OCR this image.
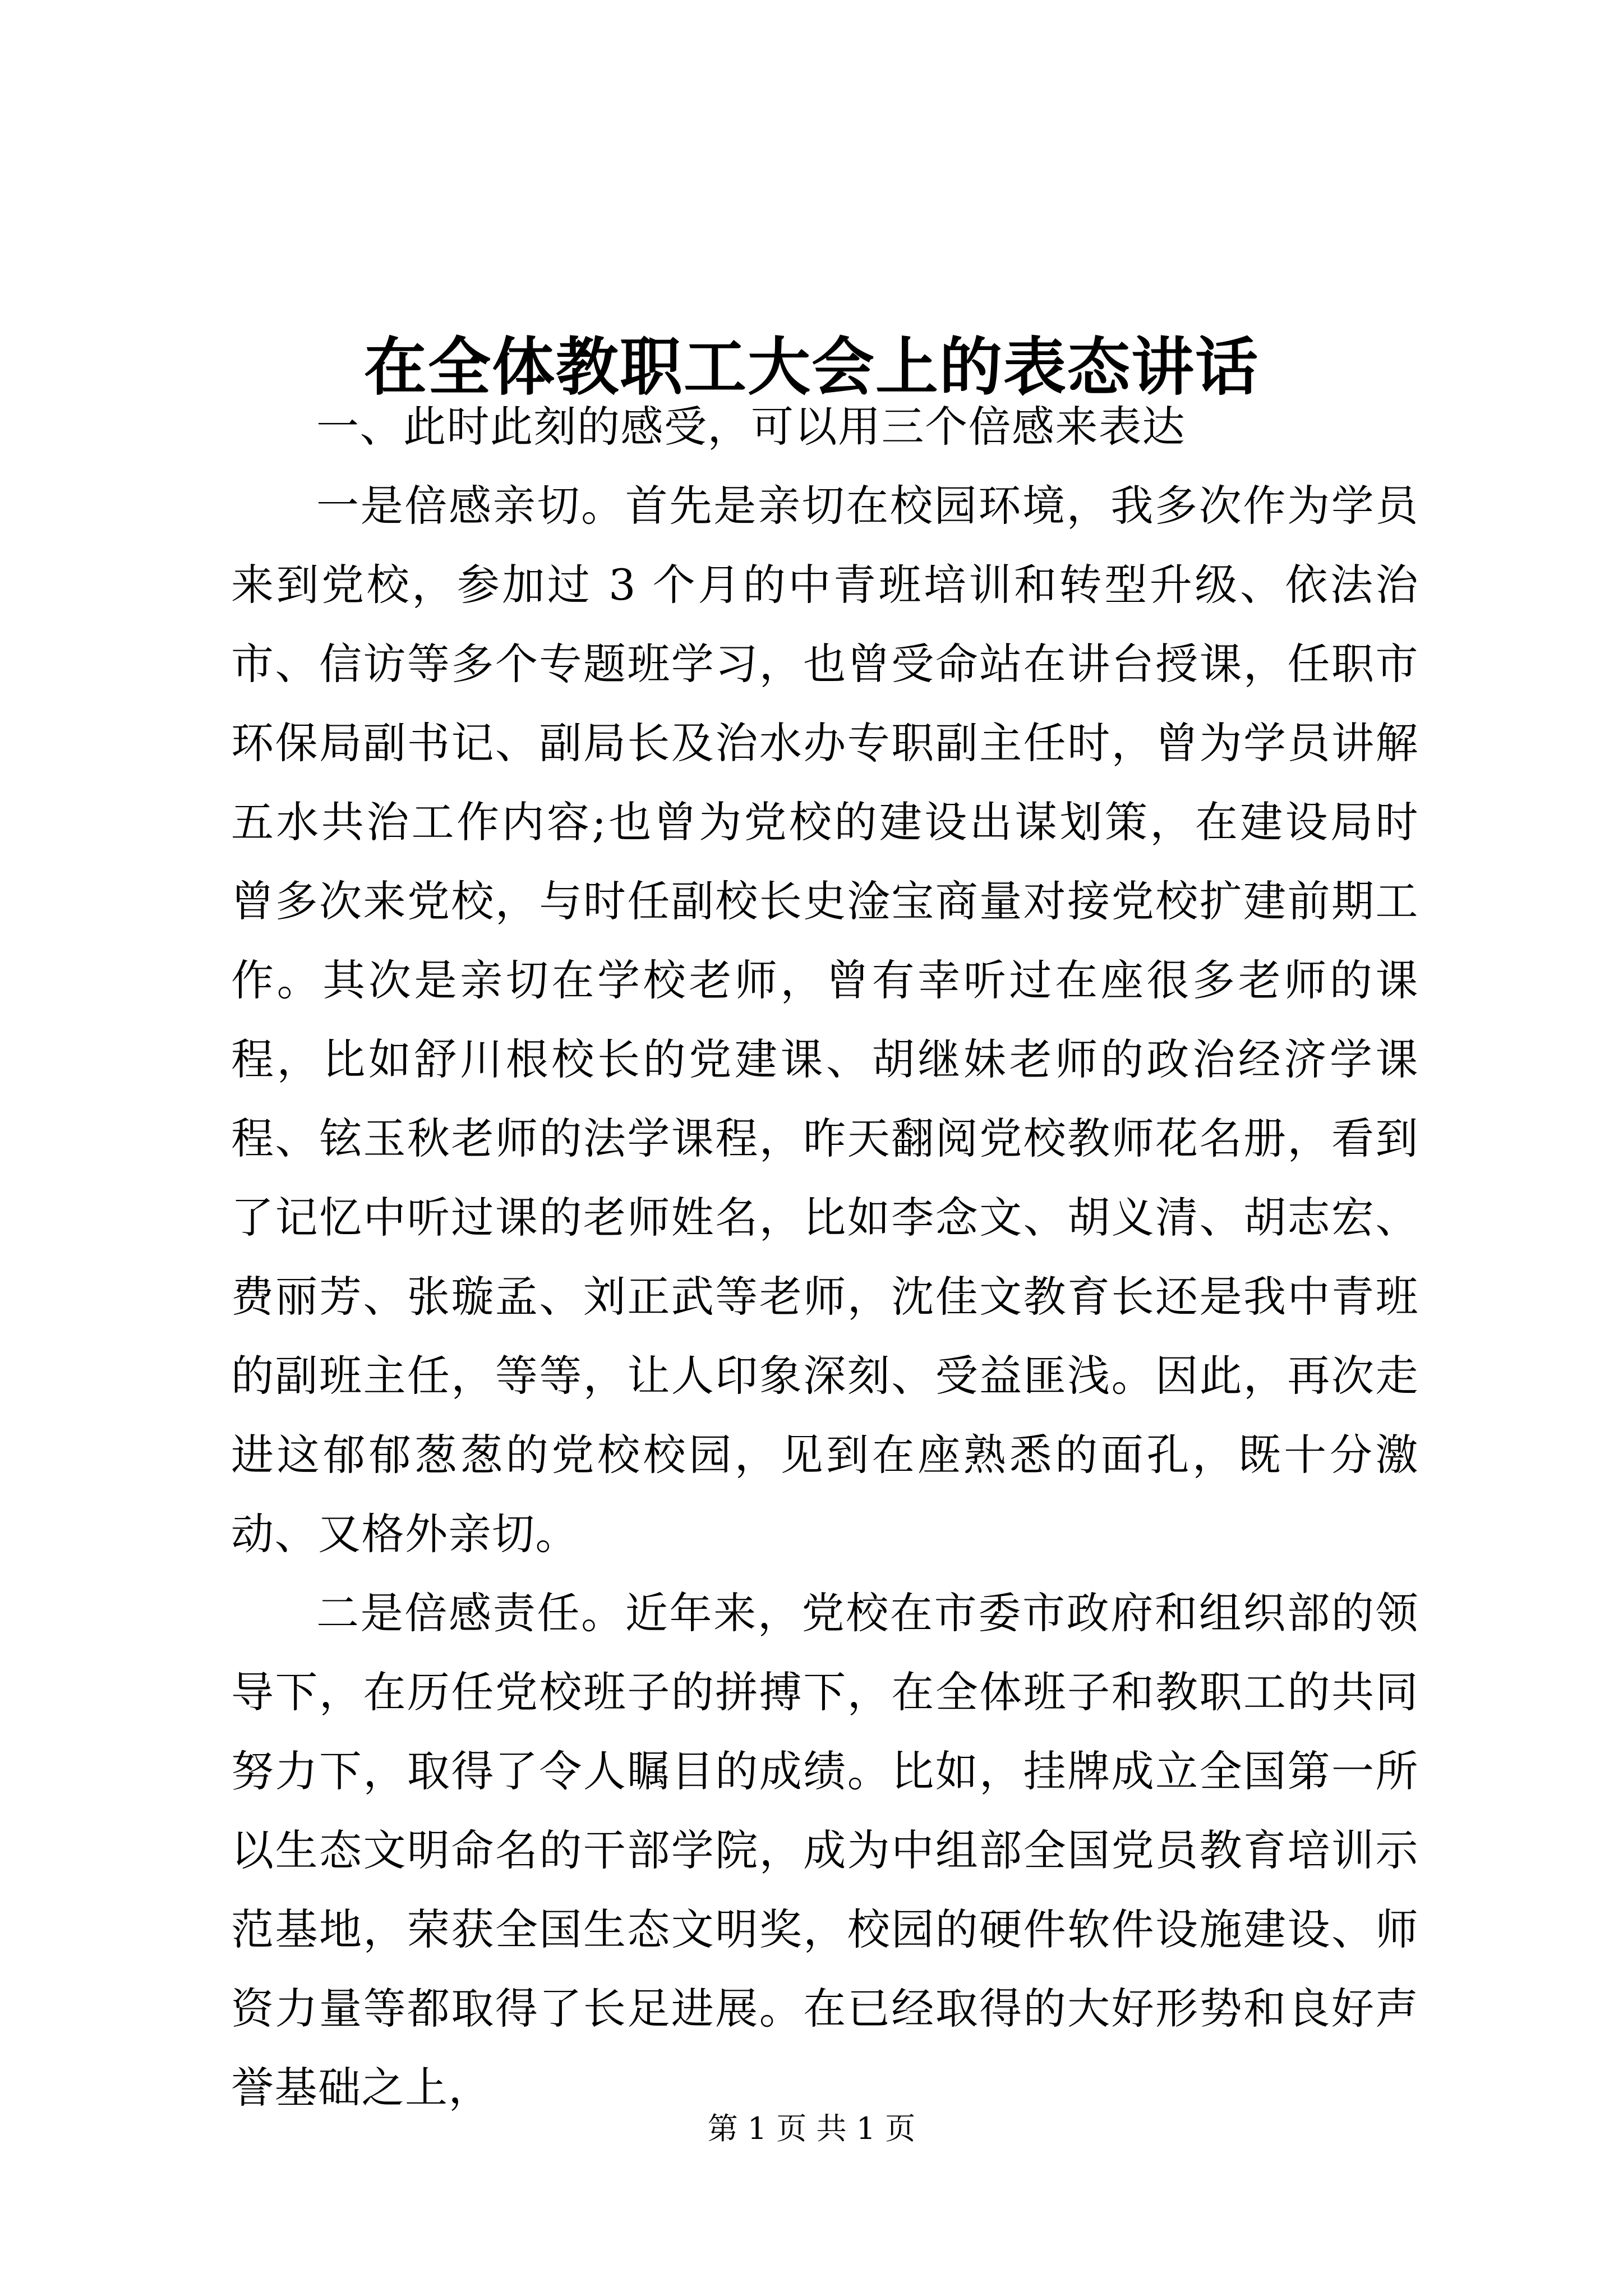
在全体教职工大会上的表态讲话

一、此时此刻的感受，可以用三个倍感来表达

一是倍感亲切。首先是亲切在校园环境，我多次作为学员来到党校，参加过 3 个月的中青班培训和转型升级、依法治市、信访等多个专题班学习，也曾受命站在讲台授课，任职市环保局副书记、副局长及治水办专职副主任时，曾为学员讲解五水共治工作内容;也曾为党校的建设出谋划策，在建设局时曾多次来党校，与时任副校长史淦宝商量对接党校扩建前期工作。其次是亲切在学校老师，曾有幸听过在座很多老师的课程，比如舒川根校长的党建课、胡继妹老师的政治经济学课程、铉玉秋老师的法学课程，昨天翻阅党校教师花名册，看到了记忆中听过课的老师姓名，比如李念文、胡义清、胡志宏、费丽芳、张璇孟、刘正武等老师，沈佳文教育长还是我中青班的副班主任，等等，让人印象深刻、受益匪浅。因此，再次走进这郁郁葱葱的党校校园，见到在座熟悉的面孔，既十分激动、又格外亲切。

二是倍感责任。近年来，党校在市委市政府和组织部的领导下，在历任党校班子的拼搏下，在全体班子和教职工的共同努力下，取得了令人瞩目的成绩。比如，挂牌成立全国第一所以生态文明命名的干部学院，成为中组部全国党员教育培训示范基地，荣获全国生态文明奖，校园的硬件软件设施建设、师资力量等都取得了长足进展。在已经取得的大好形势和良好声誉基础之上，

第 1 页 共 1 页
